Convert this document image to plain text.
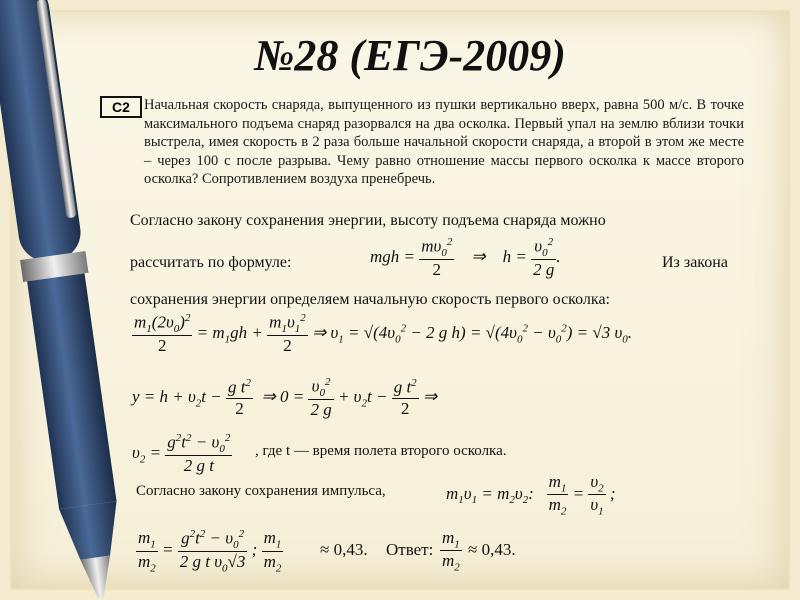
№28 (ЕГЭ-2009)
С2 Начальная скорость снаряда, выпущенного из пушки вертикально вверх, равна 500 м/с. В точке максимального подъема снаряд разорвался на два осколка. Первый упал на землю вблизи точки выстрела, имея скорость в 2 раза больше начальной скорости снаряда, а второй в этом же месте – через 100 с после разрыва. Чему равно отношение массы первого осколка к массе второго осколка? Сопротивлением воздуха пренебречь.
Согласно закону сохранения энергии, высоту подъема снаряда можно
рассчитать по формуле:	mgh = $\frac{m\upsilon_0^2}{2}$ ⇒    $h = \frac{\upsilon_0^2}{2 g}$ .	Из закона
сохранения энергии определяем начальную скорость первого осколка:
$\frac{m_1(2\upsilon_0)^2}{2} = m_1gh + \frac{m_1\upsilon_1^2}{2}$ ⇒ $\upsilon_1 = √(4\upsilon_0^2 - 2$ g $h) = √(4\upsilon_0^2 - \upsilon_0^2) = √3$ $\upsilon_0$.
$y = h + \upsilon_2t - \frac{g t^2}{2}$ ⇒ $0 = \frac{\upsilon_0^2}{2 g} + \upsilon_2t - \frac{g t^2}{2}$ ⇒
$\upsilon_2 = \frac{g^2t^2 - \upsilon_0^2}{\text{2 g t}}$ , где t — время полета второго осколка.
Согласно закону сохранения импульса,	$m_1\upsilon_1 = m_2\upsilon_2$: $\frac{m_1}{m_2} = \frac{\upsilon_2}{\upsilon_1}$ ;
$\frac{m_1}{m_2} = \frac{g^2t^2 - \upsilon_0^2}{2 g t \upsilon_0√3}$ ; $\frac{m_1}{m_2} \approx 0,43$. Ответ: $\frac{m_1}{m_2} \approx 0,43$.
